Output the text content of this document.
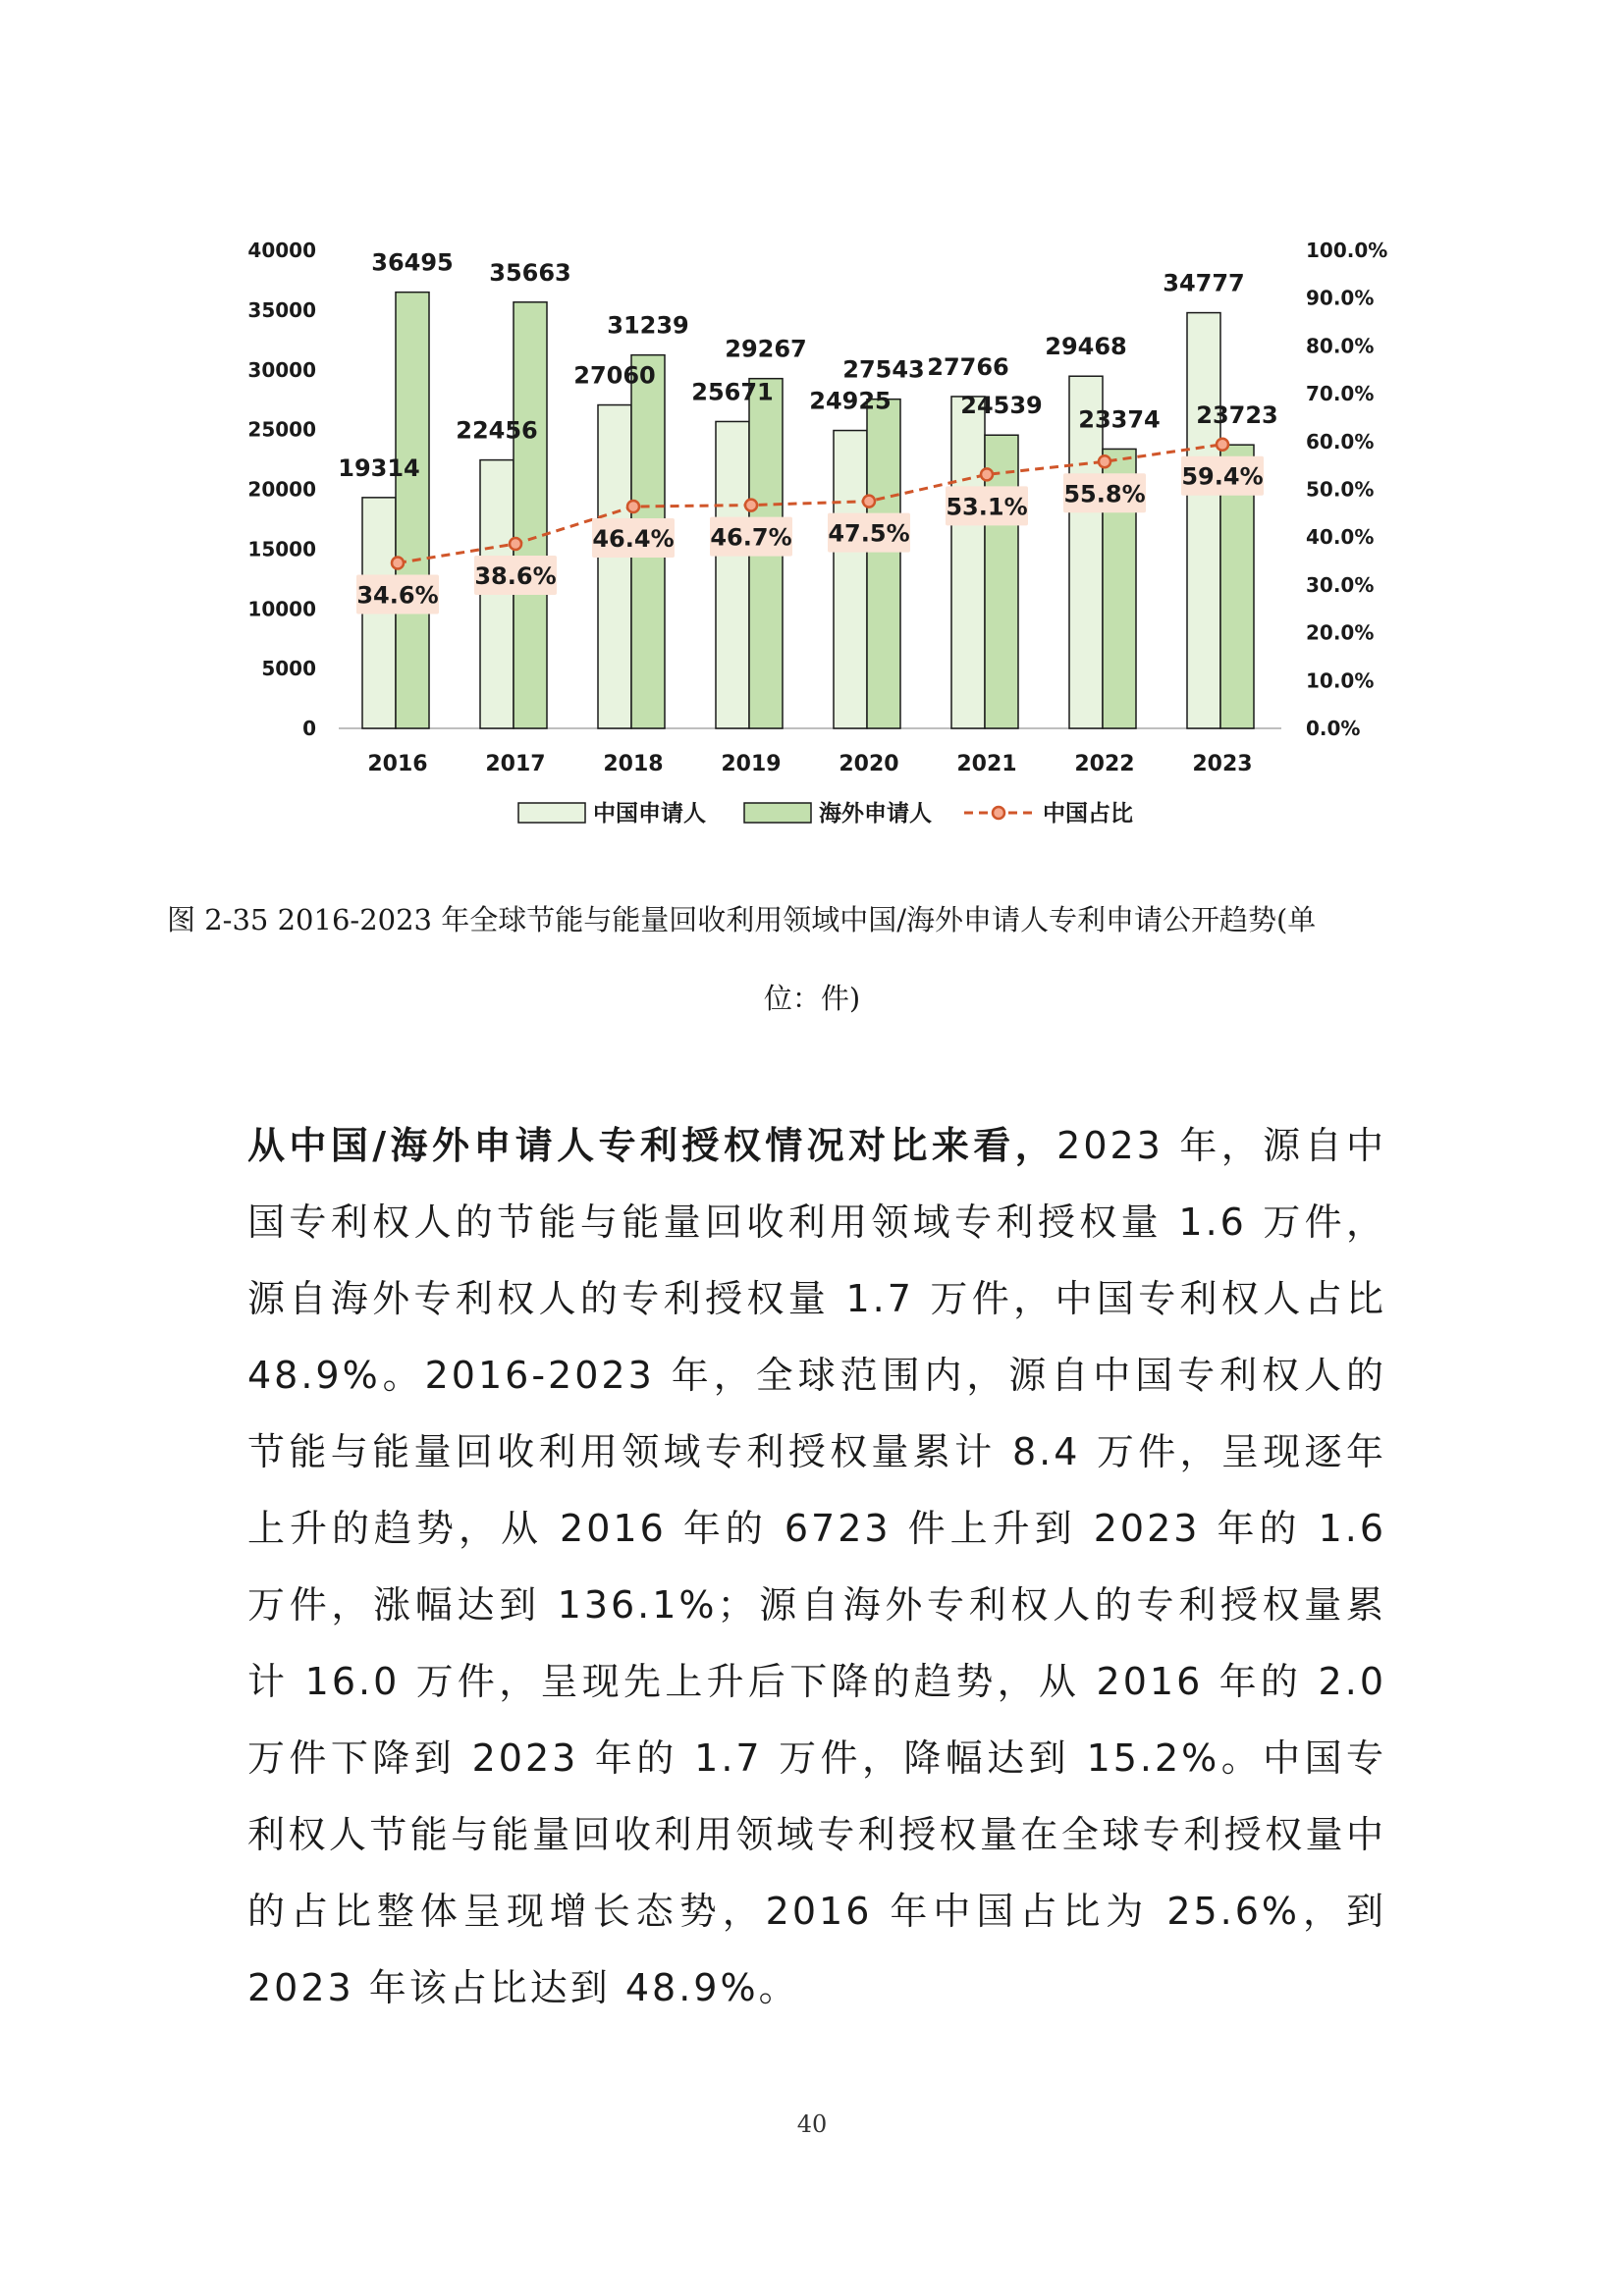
0
5000
10000
15000
20000
25000
30000
35000
40000
0.0%
10.0%
20.0%
30.0%
40.0%
50.0%
60.0%
70.0%
80.0%
90.0%
100.0%
19314
36495
22456
35663
27060
31239
25671
29267
24925
27543 27766
24539
29468
23374
34777
23723
34.6%
38.6%
46.4% 46.7% 47.5%
53.1% 55.8%
59.4%
2016	2017	2018	2019	2020	2021	2022	2023
中国申请人	海外申请人	中国占比
图 2-35 2016-2023 年全球节能与能量回收利用领域中国/海外申请人专利申请公开趋势(单
位：件)
从中国/海外申请人专利授权情况对比来看，2023 年，源自中国专利权人的节能与能量回收利用领域专利授权量 1.6 万件，源自海外专利权人的专利授权量 1.7 万件，中国专利权人占比 48.9%。2016-2023 年，全球范围内，源自中国专利权人的节能与能量回收利用领域专利授权量累计 8.4 万件，呈现逐年上升的趋势，从 2016 年的 6723 件上升到 2023 年的 1.6 万件，涨幅达到 136.1%；源自海外专利权人的专利授权量累计 16.0 万件，呈现先上升后下降的趋势，从 2016 年的 2.0 万件下降到 2023 年的 1.7 万件，降幅达到 15.2%。中国专利权人节能与能量回收利用领域专利授权量在全球专利授权量中的占比整体呈现增长态势，2016 年中国占比为 25.6%，到 2023 年该占比达到 48.9%。
40
